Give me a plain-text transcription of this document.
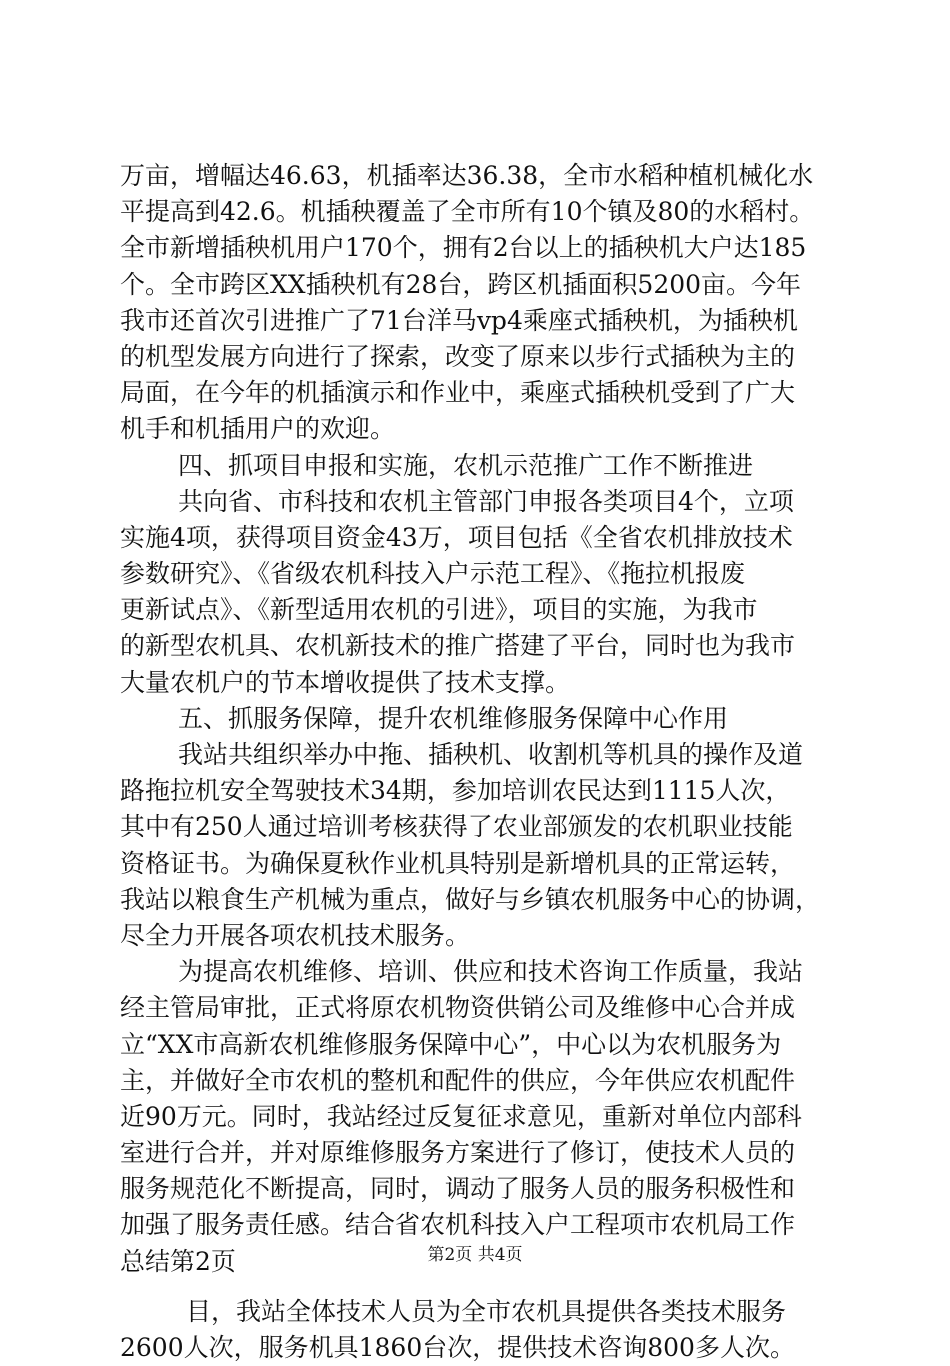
万亩，增幅达46.63，机插率达36.38，全市水稻种植机械化水
平提高到42.6。机插秧覆盖了全市所有10个镇及80的水稻村。
全市新增插秧机用户170个，拥有2台以上的插秧机大户达185
个。全市跨区XX插秧机有28台，跨区机插面积5200亩。今年
我市还首次引进推广了71台洋马vp4乘座式插秧机，为插秧机
的机型发展方向进行了探索，改变了原来以步行式插秧为主的
局面，在今年的机插演示和作业中，乘座式插秧机受到了广大
机手和机插用户的欢迎。
四、抓项目申报和实施，农机示范推广工作不断推进
共向省、市科技和农机主管部门申报各类项目4个，立项
实施4项，获得项目资金43万，项目包括《全省农机排放技术
参数研究》、《省级农机科技入户示范工程》、《拖拉机报废
更新试点》、《新型适用农机的引进》，项目的实施，为我市
的新型农机具、农机新技术的推广搭建了平台，同时也为我市
大量农机户的节本增收提供了技术支撑。
五、抓服务保障，提升农机维修服务保障中心作用
我站共组织举办中拖、插秧机、收割机等机具的操作及道
路拖拉机安全驾驶技术34期，参加培训农民达到1115人次，
其中有250人通过培训考核获得了农业部颁发的农机职业技能
资格证书。为确保夏秋作业机具特别是新增机具的正常运转，
我站以粮食生产机械为重点，做好与乡镇农机服务中心的协调，
尽全力开展各项农机技术服务。
为提高农机维修、培训、供应和技术咨询工作质量，我站
经主管局审批，正式将原农机物资供销公司及维修中心合并成
立“XX市高新农机维修服务保障中心”，中心以为农机服务为
主，并做好全市农机的整机和配件的供应，今年供应农机配件
近90万元。同时，我站经过反复征求意见，重新对单位内部科
室进行合并，并对原维修服务方案进行了修订，使技术人员的
服务规范化不断提高，同时，调动了服务人员的服务积极性和
加强了服务责任感。结合省农机科技入户工程项市农机局工作
总结第2页
目，我站全体技术人员为全市农机具提供各类技术服务
2600人次，服务机具1860台次，提供技术咨询800多人次。
第2页 共4页
